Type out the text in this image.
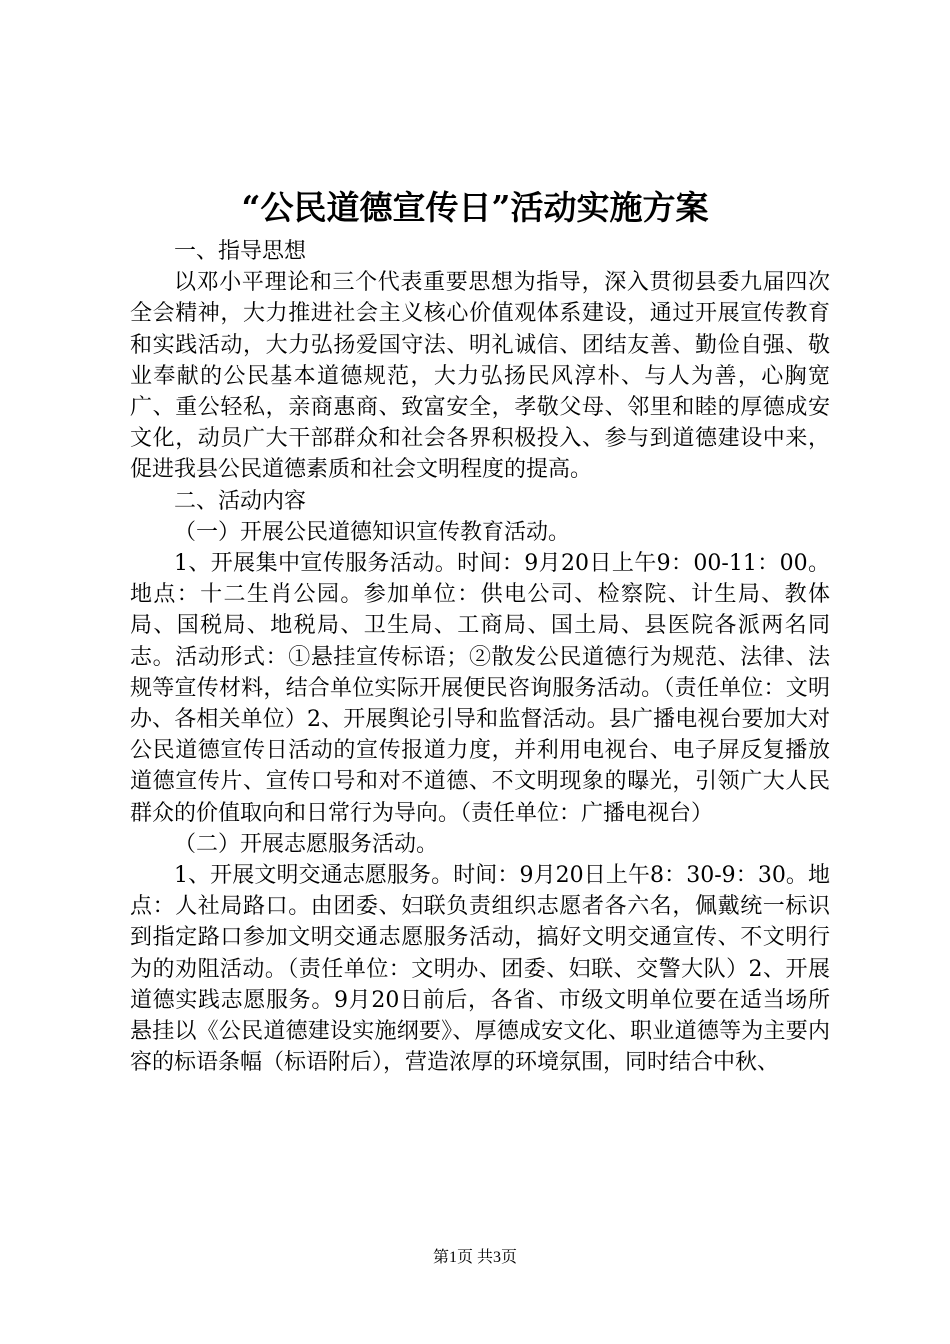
“公民道德宣传日”活动实施方案

一、指导思想

以邓小平理论和三个代表重要思想为指导，深入贯彻县委九届四次全会精神，大力推进社会主义核心价值观体系建设，通过开展宣传教育和实践活动，大力弘扬爱国守法、明礼诚信、团结友善、勤俭自强、敬业奉献的公民基本道德规范，大力弘扬民风淳朴、与人为善，心胸宽广、重公轻私，亲商惠商、致富安全，孝敬父母、邻里和睦的厚德成安文化，动员广大干部群众和社会各界积极投入、参与到道德建设中来，促进我县公民道德素质和社会文明程度的提高。

二、活动内容

（一）开展公民道德知识宣传教育活动。

1、开展集中宣传服务活动。时间：9月20日上午9：00-11：00。地点：十二生肖公园。参加单位：供电公司、检察院、计生局、教体局、国税局、地税局、卫生局、工商局、国土局、县医院各派两名同志。活动形式：①悬挂宣传标语；②散发公民道德行为规范、法律、法规等宣传材料，结合单位实际开展便民咨询服务活动。（责任单位：文明办、各相关单位）2、开展舆论引导和监督活动。县广播电视台要加大对公民道德宣传日活动的宣传报道力度，并利用电视台、电子屏反复播放道德宣传片、宣传口号和对不道德、不文明现象的曝光，引领广大人民群众的价值取向和日常行为导向。（责任单位：广播电视台）

（二）开展志愿服务活动。

1、开展文明交通志愿服务。时间：9月20日上午8：30-9：30。地点：人社局路口。由团委、妇联负责组织志愿者各六名，佩戴统一标识到指定路口参加文明交通志愿服务活动，搞好文明交通宣传、不文明行为的劝阻活动。（责任单位：文明办、团委、妇联、交警大队）2、开展道德实践志愿服务。9月20日前后，各省、市级文明单位要在适当场所悬挂以《公民道德建设实施纲要》、厚德成安文化、职业道德等为主要内容的标语条幅（标语附后），营造浓厚的环境氛围，同时结合中秋、

第1页 共3页
